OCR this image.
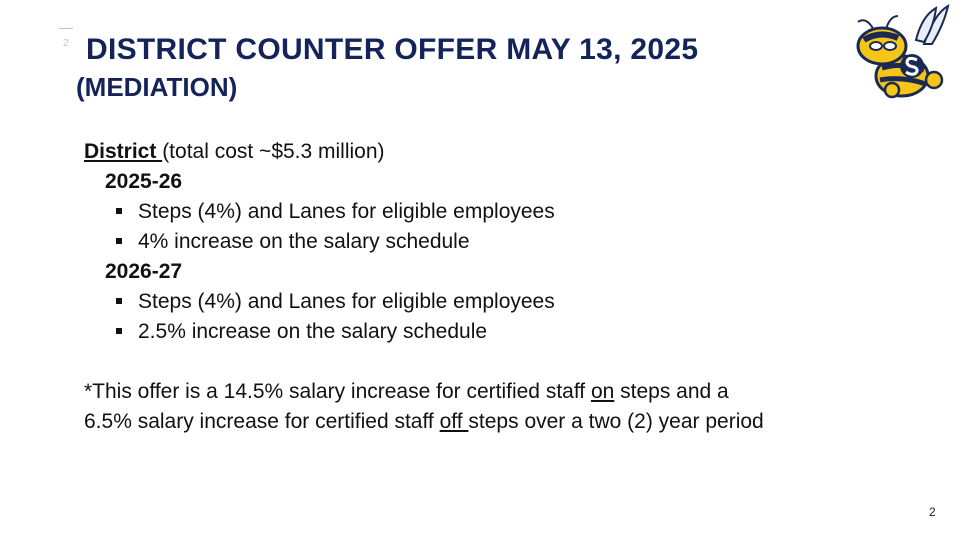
2 DISTRICT COUNTER OFFER MAY 13, 2025
(MEDIATION)
District (total cost ~$5.3 million)
2025-26
Steps (4%) and Lanes for eligible employees
4% increase on the salary schedule
2026-27
Steps (4%) and Lanes for eligible employees
2.5% increase on the salary schedule
*This offer is a 14.5% salary increase for certified staff on steps and a
6.5% salary increase for certified staff off steps over a two (2) year period
2
